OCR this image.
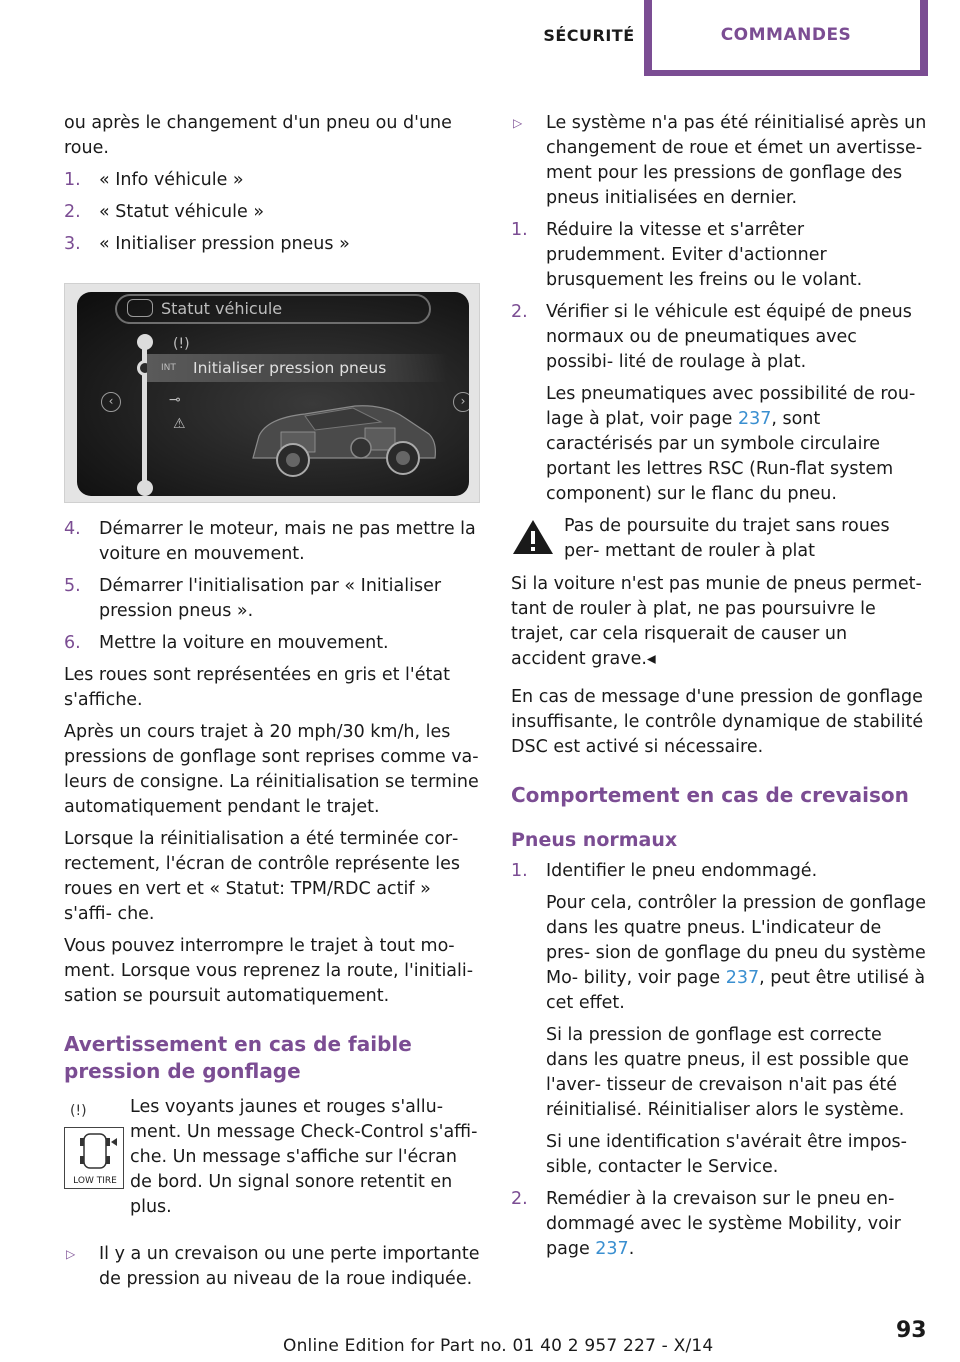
SÉCURITÉ	COMMANDES

ou après le changement d'un pneu ou d'une roue.

1.	« Info véhicule »
2.	« Statut véhicule »
3.	« Initialiser pression pneus »
Statut véhicule
(!)
INT Initialiser pression pneus
⊸
⚠
‹	›
4.	Démarrer le moteur, mais ne pas mettre la voiture en mouvement.
5.	Démarrer l'initialisation par « Initialiser pression pneus ».
6.	Mettre la voiture en mouvement.

Les roues sont représentées en gris et l'état s'affiche.

Après un cours trajet à 20 mph/30 km/h, les pressions de gonflage sont reprises comme va‐ leurs de consigne. La réinitialisation se termine automatiquement pendant le trajet.

Lorsque la réinitialisation a été terminée cor‐ rectement, l'écran de contrôle représente les roues en vert et « Statut: TPM/RDC actif » s'affi‐ che.

Vous pouvez interrompre le trajet à tout mo‐ ment. Lorsque vous reprenez la route, l'initiali‐ sation se poursuit automatiquement.

Avertissement en cas de faible pression de gonflage
(!)
LOW TIRE
Les voyants jaunes et rouges s'allu‐ ment. Un message Check-Control s'affi‐ che. Un message s'affiche sur l'écran de bord. Un signal sonore retentit en plus.
▷	Il y a un crevaison ou une perte importante de pression au niveau de la roue indiquée.
▷	Le système n'a pas été réinitialisé après un changement de roue et émet un avertisse‐ ment pour les pressions de gonflage des pneus initialisées en dernier.
1.	Réduire la vitesse et s'arrêter prudemment. Eviter d'actionner brusquement les freins ou le volant.
2.	Vérifier si le véhicule est équipé de pneus normaux ou de pneumatiques avec possibi‐ lité de roulage à plat.
Les pneumatiques avec possibilité de rou‐ lage à plat, voir page 237, sont caractérisés par un symbole circulaire portant les lettres RSC (Run-flat system component) sur le flanc du pneu.
Pas de poursuite du trajet sans roues per‐ mettant de rouler à plat

Si la voiture n'est pas munie de pneus permet‐ tant de rouler à plat, ne pas poursuivre le trajet, car cela risquerait de causer un accident grave.◂

En cas de message d'une pression de gonflage insuffisante, le contrôle dynamique de stabilité DSC est activé si nécessaire.

Comportement en cas de crevaison
Pneus normaux
1.	Identifier le pneu endommagé.
Pour cela, contrôler la pression de gonflage dans les quatre pneus. L'indicateur de pres‐ sion de gonflage du pneu du système Mo‐ bility, voir page 237, peut être utilisé à cet effet.
Si la pression de gonflage est correcte dans les quatre pneus, il est possible que l'aver‐ tisseur de crevaison n'ait pas été réinitialisé. Réinitialiser alors le système.
Si une identification s'avérait être impos‐ sible, contacter le Service.
2.	Remédier à la crevaison sur le pneu en‐ dommagé avec le système Mobility, voir page 237.
Online Edition for Part no. 01 40 2 957 227 - X/14
93
